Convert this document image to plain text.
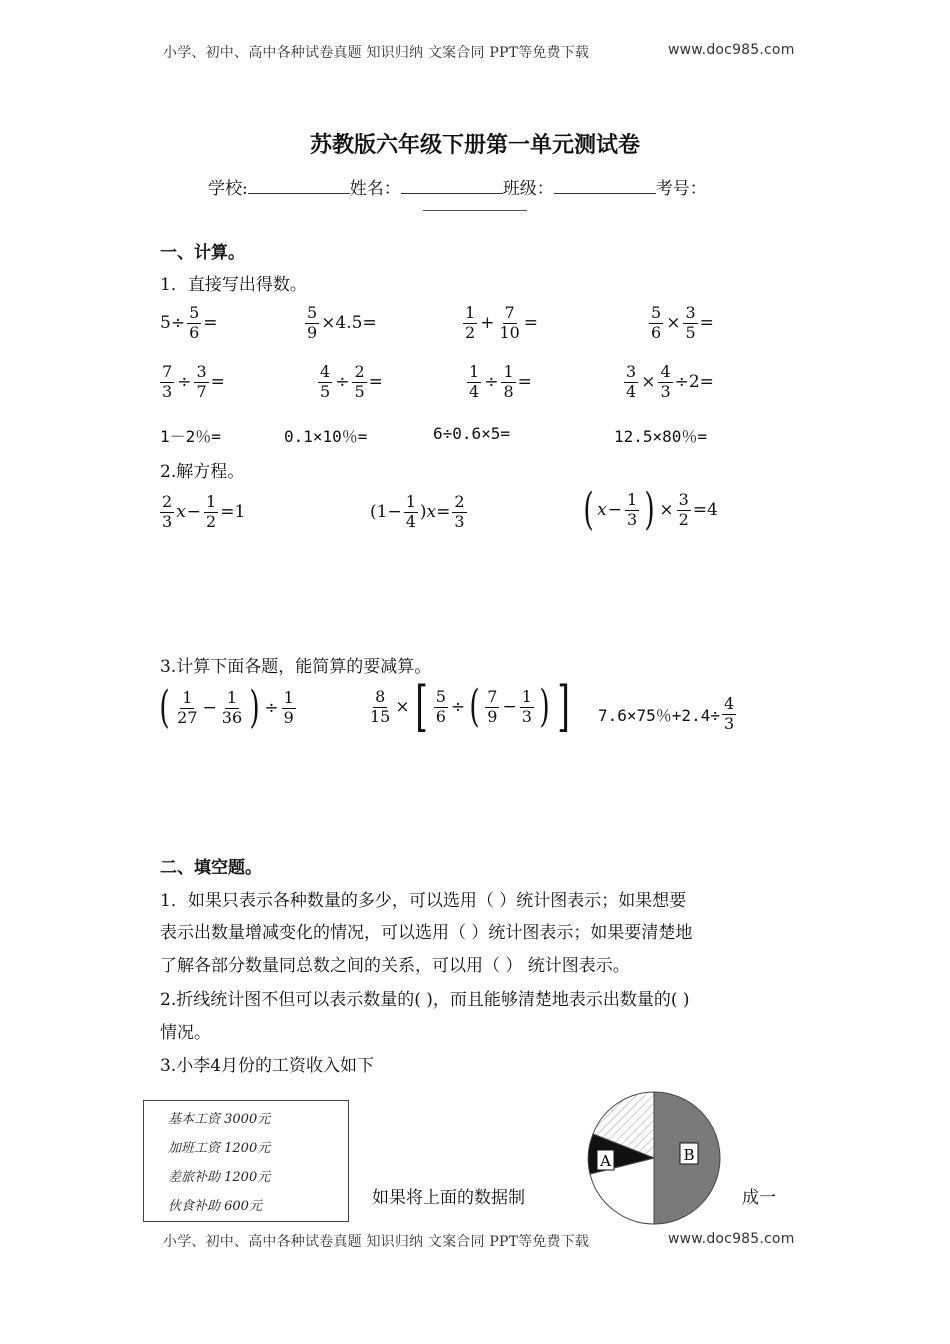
小学、初中、高中各种试卷真题 知识归纳 文案合同 PPT等免费下载	www.doc985.com
苏教版六年级下册第一单元测试卷
学校:	姓名：	班级：	考号：
一、计算。
1．直接写出得数。
$5\div \frac{5}{6}$ =	$\frac{5}{9} \times 4.5=$	$\frac{1}{2} + \frac{7}{10}$ =	$\frac{5}{6} \times \frac{3}{5}$ =
$\frac{7}{3} \div \frac{3}{7}$ =	$\frac{4}{5} \div \frac{2}{5}$ =	$\frac{1}{4} \div \frac{1}{8}$ =	$\frac{3}{4} \times \frac{4}{3} \div 2=$
1－2％=	0.1×10％=	6÷0.6×5=	12.5×80％=
2.解方程。
$\frac{2}{3}$ $x - \frac{1}{2} =1$	($1- \frac{1}{4}$ ) $x = \frac{2}{3}$	( $x - \frac{1}{3}$ ) × $\frac{3}{2} =4$
3.计算下面各题，能简算的要减算。
( $\frac{1}{27} - \frac{1}{36}$ ) ÷ $\frac{1}{9}$	$\frac{8}{15}$ × [ $\frac{5}{6}$ ÷ ( $\frac{7}{9} - \frac{1}{3}$ ) ] 7.6×75％$+2.4\div \frac{4}{3}$
二、填空题。
1．如果只表示各种数量的多少，可以选用（ ）统计图表示；如果想要
表示出数量增减变化的情况，可以选用（ ）统计图表示；如果要清楚地
了解各部分数量同总数之间的关系，可以用（ ） 统计图表示。
2.折线统计图不但可以表示数量的( )，而且能够清楚地表示出数量的( )
情况。
3.小李4月份的工资收入如下
基本工资 3000元
加班工资 1200元
差旅补助 1200元
伙食补助 600元	如果将上面的数据制	成一
A	B
小学、初中、高中各种试卷真题 知识归纳 文案合同 PPT等免费下载	www.doc985.com
